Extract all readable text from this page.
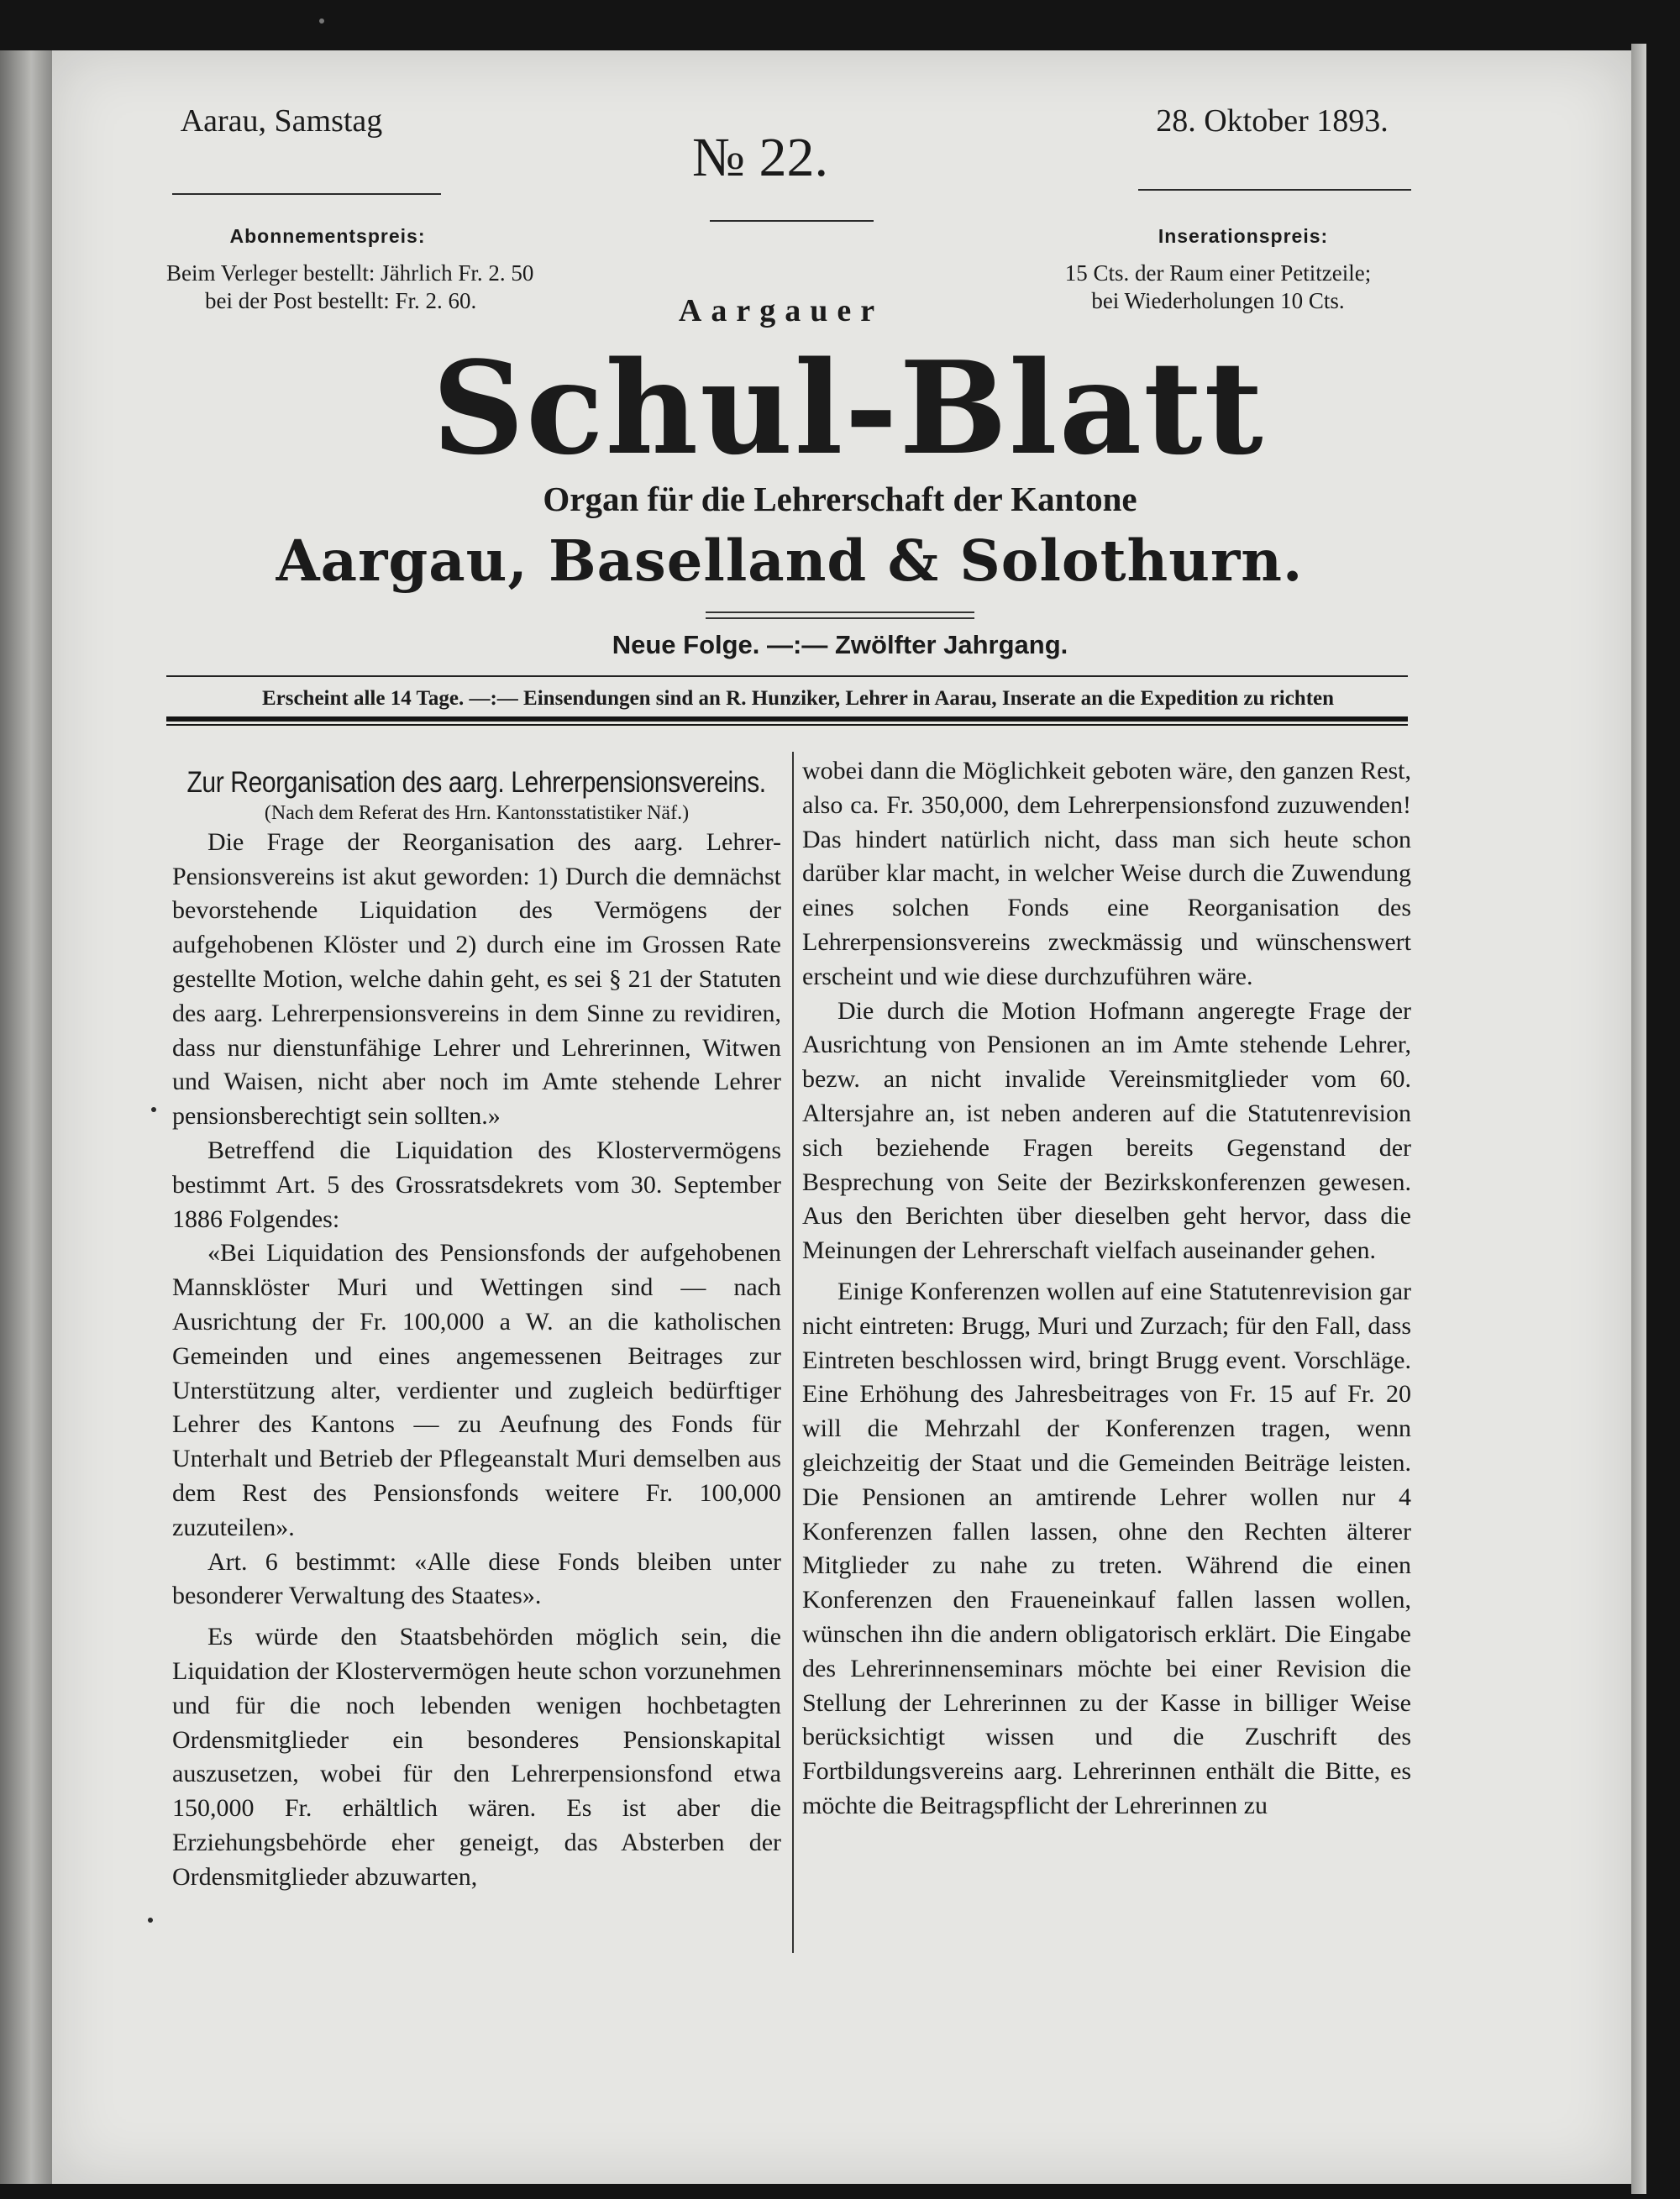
Aarau, Samstag
№ 22.
28. Oktober 1893.
Abonnementspreis:
Beim Verleger bestellt: Jährlich Fr. 2. 50
bei der Post bestellt: Fr. 2. 60.
Inserationspreis:
15 Cts. der Raum einer Petitzeile;
bei Wiederholungen 10 Cts.
Aargauer
Schul-Blatt
Organ für die Lehrerschaft der Kantone
Aargau, Baselland & Solothurn.
Neue Folge. —:— Zwölfter Jahrgang.
Erscheint alle 14 Tage. —:— Einsendungen sind an R. Hunziker, Lehrer in Aarau, Inserate an die Expedition zu richten
Zur Reorganisation des aarg. Lehrerpensionsvereins.

(Nach dem Referat des Hrn. Kantonsstatistiker Näf.)

Die Frage der Reorganisation des aarg. Lehrer-Pensionsvereins ist akut geworden: 1) Durch die demnächst bevorstehende Liquidation des Vermögens der aufgehobenen Klöster und 2) durch eine im Grossen Rate gestellte Motion, welche dahin geht, es sei § 21 der Statuten des aarg. Lehrerpensionsvereins in dem Sinne zu revidiren, dass nur dienstunfähige Lehrer und Lehrerinnen, Witwen und Waisen, nicht aber noch im Amte stehende Lehrer pensionsberechtigt sein sollten.»

Betreffend die Liquidation des Klostervermögens bestimmt Art. 5 des Grossratsdekrets vom 30. September 1886 Folgendes:

«Bei Liquidation des Pensionsfonds der aufgehobenen Mannsklöster Muri und Wettingen sind — nach Ausrichtung der Fr. 100,000 a W. an die katholischen Gemeinden und eines angemessenen Beitrages zur Unterstützung alter, verdienter und zugleich bedürftiger Lehrer des Kantons — zu Aeufnung des Fonds für Unterhalt und Betrieb der Pflegeanstalt Muri demselben aus dem Rest des Pensionsfonds weitere Fr. 100,000 zuzuteilen».

Art. 6 bestimmt: «Alle diese Fonds bleiben unter besonderer Verwaltung des Staates».

Es würde den Staatsbehörden möglich sein, die Liquidation der Klostervermögen heute schon vorzunehmen und für die noch lebenden wenigen hochbetagten Ordensmitglieder ein besonderes Pensionskapital auszusetzen, wobei für den Lehrerpensionsfond etwa 150,000 Fr. erhältlich wären. Es ist aber die Erziehungsbehörde eher geneigt, das Absterben der Ordensmitglieder abzuwarten,

wobei dann die Möglichkeit geboten wäre, den ganzen Rest, also ca. Fr. 350,000, dem Lehrerpensionsfond zuzuwenden! Das hindert natürlich nicht, dass man sich heute schon darüber klar macht, in welcher Weise durch die Zuwendung eines solchen Fonds eine Reorganisation des Lehrerpensionsvereins zweckmässig und wünschenswert erscheint und wie diese durchzuführen wäre.

Die durch die Motion Hofmann angeregte Frage der Ausrichtung von Pensionen an im Amte stehende Lehrer, bezw. an nicht invalide Vereinsmitglieder vom 60. Altersjahre an, ist neben anderen auf die Statutenrevision sich beziehende Fragen bereits Gegenstand der Besprechung von Seite der Bezirkskonferenzen gewesen. Aus den Berichten über dieselben geht hervor, dass die Meinungen der Lehrerschaft vielfach auseinander gehen.

Einige Konferenzen wollen auf eine Statutenrevision gar nicht eintreten: Brugg, Muri und Zurzach; für den Fall, dass Eintreten beschlossen wird, bringt Brugg event. Vorschläge. Eine Erhöhung des Jahresbeitrages von Fr. 15 auf Fr. 20 will die Mehrzahl der Konferenzen tragen, wenn gleichzeitig der Staat und die Gemeinden Beiträge leisten. Die Pensionen an amtirende Lehrer wollen nur 4 Konferenzen fallen lassen, ohne den Rechten älterer Mitglieder zu nahe zu treten. Während die einen Konferenzen den Fraueneinkauf fallen lassen wollen, wünschen ihn die andern obligatorisch erklärt. Die Eingabe des Lehrerinnenseminars möchte bei einer Revision die Stellung der Lehrerinnen zu der Kasse in billiger Weise berücksichtigt wissen und die Zuschrift des Fortbildungsvereins aarg. Lehrerinnen enthält die Bitte, es möchte die Beitragspflicht der Lehrerinnen zu
